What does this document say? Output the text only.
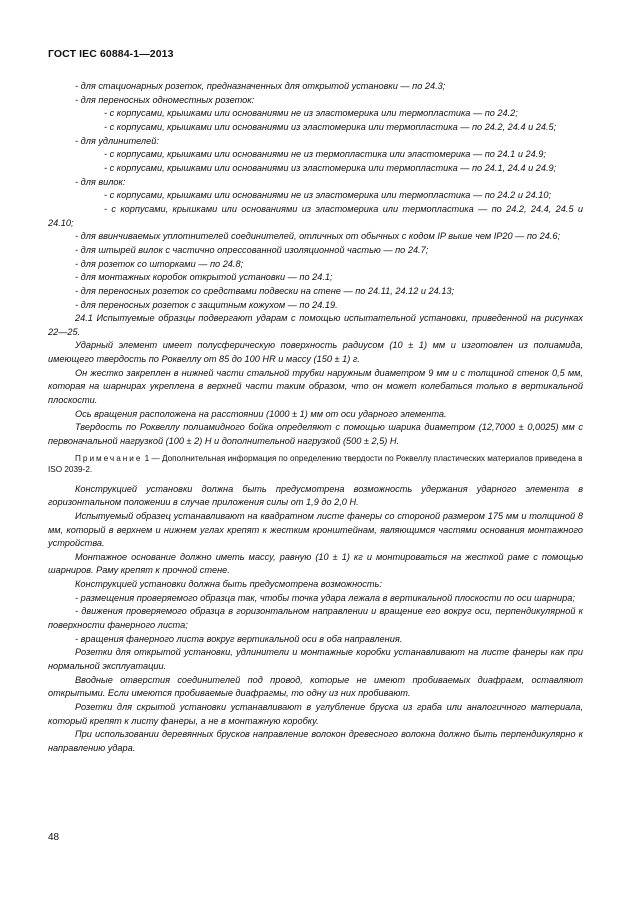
ГОСТ IEC 60884-1—2013
- для стационарных розеток, предназначенных для открытой установки — по 24.3;
- для переносных одноместных розеток:
- с корпусами, крышками или основаниями не из эластомерика или термопластика — по 24.2;
- с корпусами, крышками или основаниями из эластомерика или термопластика — по 24.2, 24.4 и 24.5;
- для удлинителей:
- с корпусами, крышками или основаниями не из термопластика или эластомерика — по 24.1 и 24.9;
- с корпусами, крышками или основаниями из эластомерика или термопластика — по 24.1, 24.4 и 24.9;
- для вилок:
- с корпусами, крышками или основаниями не из эластомерика или термопластика — по 24.2 и 24.10;
- с корпусами, крышками или основаниями из эластомерика или термопластика — по 24.2, 24.4, 24.5 и 24.10;
- для ввинчиваемых уплотнителей соединителей, отличных от обычных с кодом IP выше чем IP20 — по 24.6;
- для штырей вилок с частично опрессованной изоляционной частью — по 24.7;
- для розеток со шторками — по 24.8;
- для монтажных коробок открытой установки — по 24.1;
- для переносных розеток со средствами подвески на стене — по 24.11, 24.12 и 24.13;
- для переносных розеток с защитным кожухом — по 24.19.
24.1 Испытуемые образцы подвергают ударам с помощью испытательной установки, приведенной на рисунках 22—25.
Ударный элемент имеет полусферическую поверхность радиусом (10 ± 1) мм и изготовлен из полиамида, имеющего твердость по Роквеллу от 85 до 100 HR и массу (150 ± 1) г.
Он жестко закреплен в нижней части стальной трубки наружным диаметром 9 мм и с толщиной стенок 0,5 мм, которая на шарнирах укреплена в верхней части таким образом, что он может колебаться только в вертикальной плоскости.
Ось вращения расположена на расстоянии (1000 ± 1) мм от оси ударного элемента.
Твердость по Роквеллу полиамидного бойка определяют с помощью шарика диаметром (12,7000 ± 0,0025) мм с первоначальной нагрузкой (100 ± 2) Н и дополнительной нагрузкой (500 ± 2,5) Н.
Примечание 1 — Дополнительная информация по определению твердости по Роквеллу пластических материалов приведена в ISO 2039-2.
Конструкцией установки должна быть предусмотрена возможность удержания ударного элемента в горизонтальном положении в случае приложения силы от 1,9 до 2,0 Н.
Испытуемый образец устанавливают на квадратном листе фанеры со стороной размером 175 мм и толщиной 8 мм, который в верхнем и нижнем углах крепят к жестким кронштейнам, являющимся частями основания монтажного устройства.
Монтажное основание должно иметь массу, равную (10 ± 1) кг и монтироваться на жесткой раме с помощью шарниров. Раму крепят к прочной стене.
Конструкцией установки должна быть предусмотрена возможность:
- размещения проверяемого образца так, чтобы точка удара лежала в вертикальной плоскости по оси шарнира;
- движения проверяемого образца в горизонтальном направлении и вращение его вокруг оси, перпендикулярной к поверхности фанерного листа;
- вращения фанерного листа вокруг вертикальной оси в оба направления.
Розетки для открытой установки, удлинители и монтажные коробки устанавливают на листе фанеры как при нормальной эксплуатации.
Вводные отверстия соединителей под провод, которые не имеют пробиваемых диафрагм, оставляют открытыми. Если имеются пробиваемые диафрагмы, то одну из них пробивают.
Розетки для скрытой установки устанавливают в углубление бруска из граба или аналогичного материала, который крепят к листу фанеры, а не в монтажную коробку.
При использовании деревянных брусков направление волокон древесного волокна должно быть перпендикулярно к направлению удара.
48
